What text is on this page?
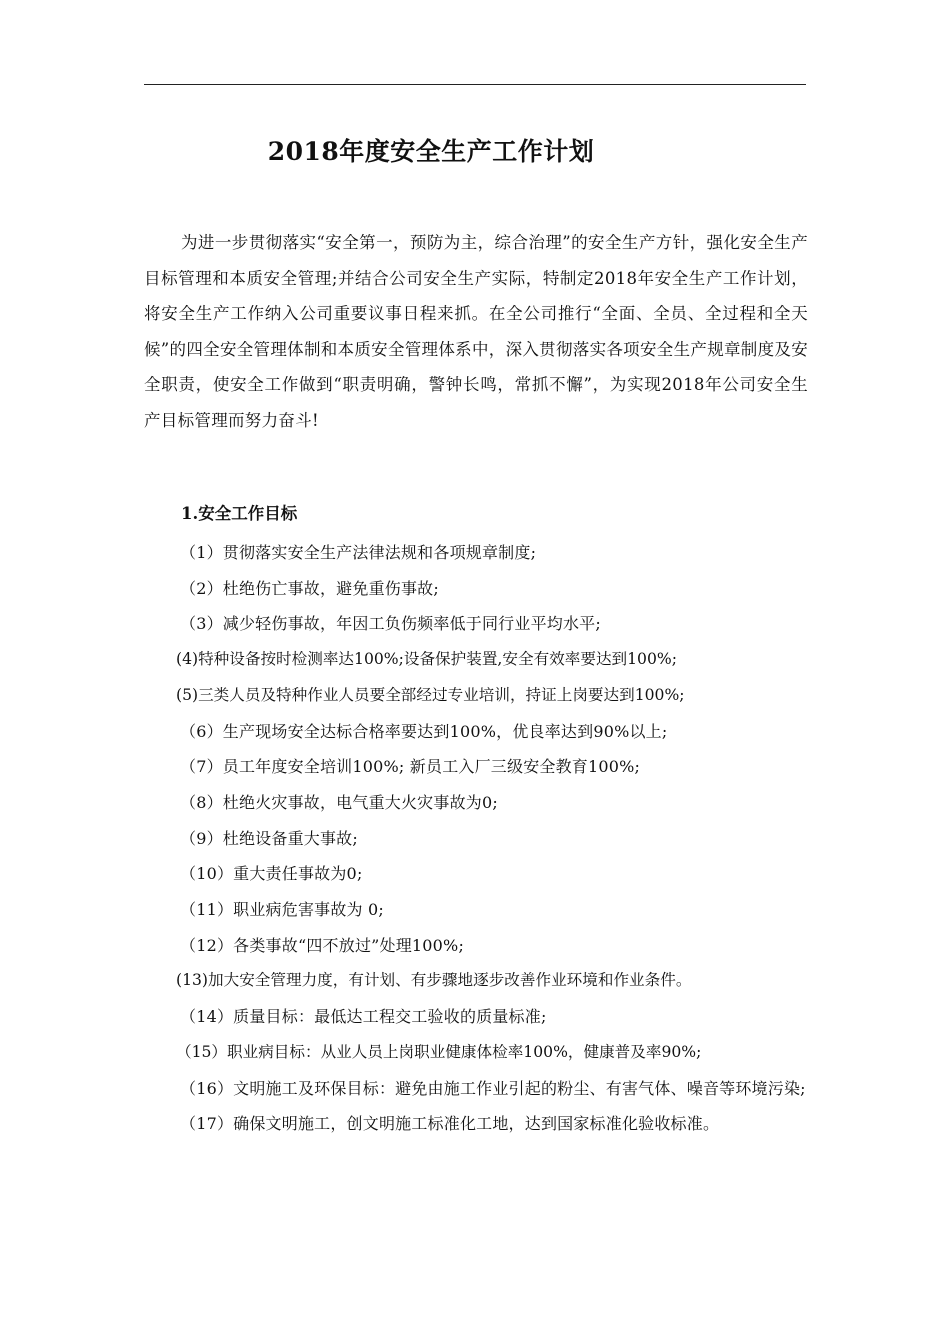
2018年度安全生产工作计划

为进一步贯彻落实“安全第一，预防为主，综合治理”的安全生产方针，强化安全生产目标管理和本质安全管理;并结合公司安全生产实际，特制定2018年安全生产工作计划，将安全生产工作纳入公司重要议事日程来抓。在全公司推行“全面、全员、全过程和全天候”的四全安全管理体制和本质安全管理体系中，深入贯彻落实各项安全生产规章制度及安全职责，使安全工作做到“职责明确，警钟长鸣，常抓不懈”，为实现2018年公司安全生产目标管理而努力奋斗!

1.安全工作目标
（1）贯彻落实安全生产法律法规和各项规章制度;
（2）杜绝伤亡事故，避免重伤事故;
（3）减少轻伤事故，年因工负伤频率低于同行业平均水平;
(4)特种设备按时检测率达100%;设备保护装置,安全有效率要达到100%;
(5)三类人员及特种作业人员要全部经过专业培训，持证上岗要达到100%;
（6）生产现场安全达标合格率要达到100%，优良率达到90%以上;
（7）员工年度安全培训100%; 新员工入厂三级安全教育100%;
（8）杜绝火灾事故，电气重大火灾事故为0;
（9）杜绝设备重大事故;
（10）重大责任事故为0;
（11）职业病危害事故为 0;
（12）各类事故“四不放过”处理100%;
(13)加大安全管理力度，有计划、有步骤地逐步改善作业环境和作业条件。
（14）质量目标：最低达工程交工验收的质量标准;
（15）职业病目标：从业人员上岗职业健康体检率100%，健康普及率90%;
（16）文明施工及环保目标：避免由施工作业引起的粉尘、有害气体、噪音等环境污染;
（17）确保文明施工，创文明施工标准化工地，达到国家标准化验收标准。
